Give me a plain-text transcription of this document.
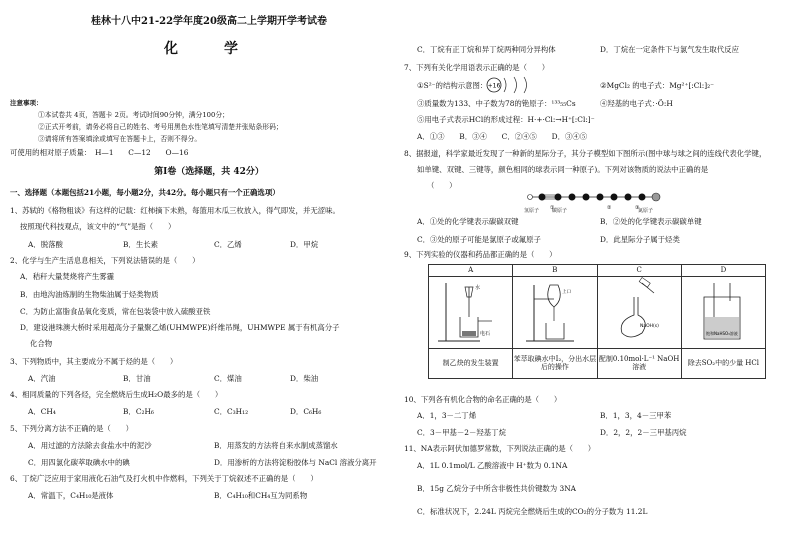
桂林十八中21-22学年度20级高二上学期开学考试卷
化　学
注意事项：
①本试卷共 4页，答题卡 2页。考试时间90分钟，满分100分；
②正式开考前，请务必将自己的姓名、考号用黑色水性笔填写清楚并张贴条形码；
③请将所有答案填涂或填写在答题卡上，否则不得分。
可使用的相对原子质量：　H—1　　C—12　　O—16
第Ⅰ卷（选择题，共 42分）
一、选择题（本题包括21小题，每小题2分，共42分。每小题只有一个正确选项）
1、苏轼的《格物粗谈》有这样的记载：红柿摘下未熟，每篮用木瓜三枚放入，得气即发，并无涩味。
按照现代科技观点，该文中的“气”是指（　　）
A．脱落酸	B．生长素	C．乙烯	D．甲烷
2、化学与生产生活息息相关，下列说法错误的是（　　）
A．秸秆大量焚烧将产生雾霾
B．由地沟油炼制的生物柴油属于烃类物质
C．为防止富脂食品氧化变质，常在包装袋中放入硫酸亚铁
D．建设港珠澳大桥时采用超高分子量聚乙烯(UHMWPE)纤维吊绳，UHMWPE 属于有机高分子
化合物
3、下列物质中，其主要成分不属于烃的是（　　）
A．汽油	B．甘油	C．煤油	D．柴油
4、相同质量的下列各烃，完全燃烧后生成H₂O最多的是（　　）
A．CH₄	B．C₂H₆	C．C₃H₁₂	D．C₆H₆
5、下列分离方法不正确的是（　　）
A．用过滤的方法除去食盐水中的泥沙	B．用蒸发的方法将自来水制成蒸馏水
C．用四氯化碳萃取碘水中的碘	D．用渗析的方法将淀粉胶体与 NaCl 溶液分离开
6、丁烷广泛应用于家用液化石油气及打火机中作燃料，下列关于丁烷叙述不正确的是（　　）
A．常温下，C₄H₁₀是液体	B．C₄H₁₀和CH₄互为同系物
C．丁烷有正丁烷和异丁烷两种同分异构体	D．丁烷在一定条件下与氯气发生取代反应
7、下列有关化学用语表示正确的是（　　）
①S²⁻的结构示意图： +16	②MgCl₂ 的电子式：Mg²⁺[:Cl:]₂⁻
③质量数为133、中子数为78的铯原子：¹³³₅₅Cs	④羟基的电子式：·Ö:H
⑤用电子式表示HCl的形成过程：H·+·Cl:→H⁺[:Cl:]⁻
A．①③　　B．③④　　C．②④⑤　　D．③④⑤
8、据报道，科学家最近发现了一种新的星际分子，其分子模型如下图所示(图中球与球之间的连线代表化学键，
如单键、双键、三键等，颜色相同的球表示同一种原子)。下列对该物质的说法中正确的是
（　　）
①	②	③
氢原子	碳原子	氮原子
A．①处的化学键表示碳碳双键	B．②处的化学键表示碳碳单键
C．③处的原子可能是氯原子或氟原子	D．此星际分子属于烃类
9、下列实验的仪器和药品都正确的是（　　）
A	B	C	D

水
电石	上口	NaOH(s)	饱和NaHSO₃溶液

制乙炔的发生装置	苯萃取碘水中I₂，分出水层后的操作	配制0.10mol·L⁻¹ NaOH 溶液	除去SO₂中的少量 HCl
10、下列各有机化合物的命名正确的是（　　）
A．1，3－二丁烯	B．1，3，4－三甲苯
C．3－甲基－2－羟基丁烷	D．2，2，2－三甲基丙烷
11、NA表示阿伏加德罗常数，下列说法正确的是（　　）
A．1L 0.1mol/L 乙酸溶液中 H⁺数为 0.1NA
B．15g 乙烷分子中所含非极性共价键数为 3NA
C．标准状况下，2.24L 丙烷完全燃烧后生成的CO₂的分子数为 11.2L
